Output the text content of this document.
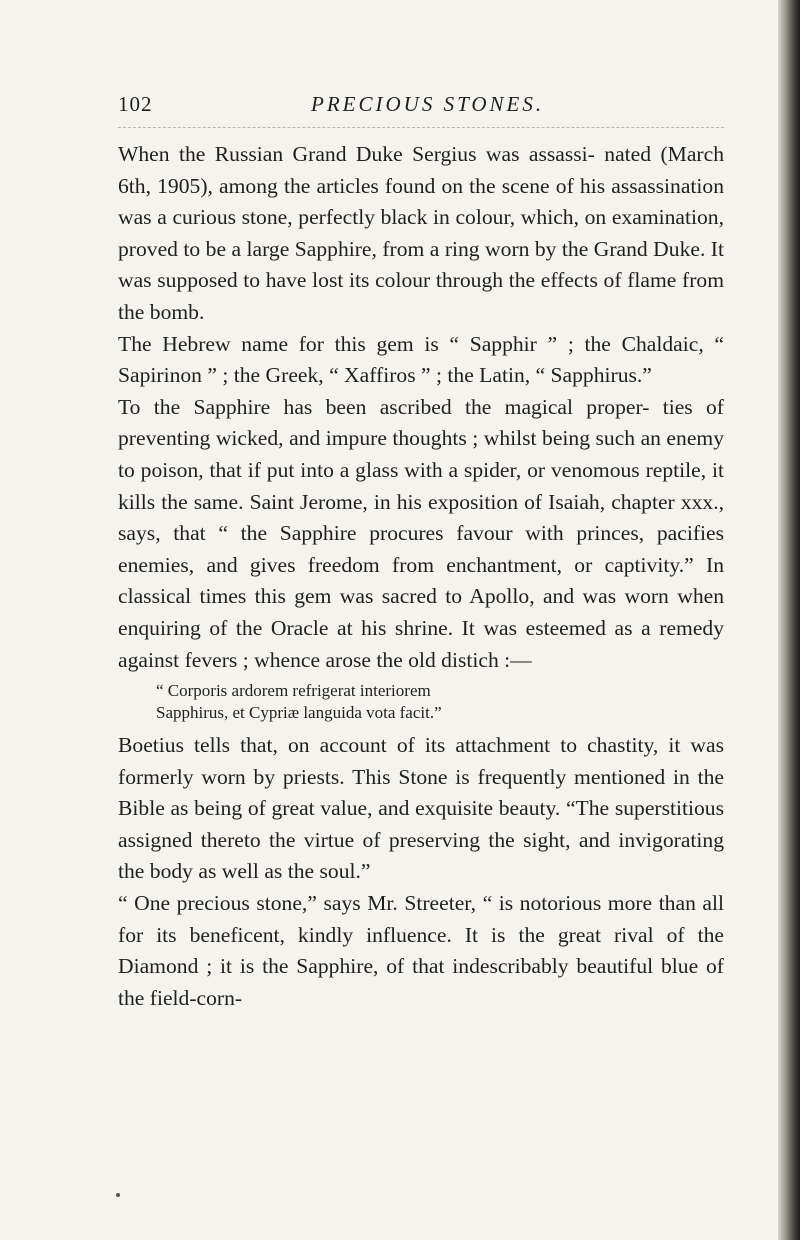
102	PRECIOUS STONES.

When the Russian Grand Duke Sergius was assassi- nated (March 6th, 1905), among the articles found on the scene of his assassination was a curious stone, perfectly black in colour, which, on examination, proved to be a large Sapphire, from a ring worn by the Grand Duke. It was supposed to have lost its colour through the effects of flame from the bomb.

The Hebrew name for this gem is “ Sapphir ” ; the Chaldaic, “ Sapirinon ” ; the Greek, “ Xaffiros ” ; the Latin, “ Sapphirus.”

To the Sapphire has been ascribed the magical proper- ties of preventing wicked, and impure thoughts ; whilst being such an enemy to poison, that if put into a glass with a spider, or venomous reptile, it kills the same. Saint Jerome, in his exposition of Isaiah, chapter xxx., says, that “ the Sapphire procures favour with princes, pacifies enemies, and gives freedom from enchantment, or captivity.” In classical times this gem was sacred to Apollo, and was worn when enquiring of the Oracle at his shrine. It was esteemed as a remedy against fevers ; whence arose the old distich :—

“ Corporis ardorem refrigerat interiorem
Sapphirus, et Cypriæ languida vota facit.”

Boetius tells that, on account of its attachment to chastity, it was formerly worn by priests. This Stone is frequently mentioned in the Bible as being of great value, and exquisite beauty. “The superstitious assigned thereto the virtue of preserving the sight, and invigorating the body as well as the soul.”

“ One precious stone,” says Mr. Streeter, “ is notorious more than all for its beneficent, kindly influence. It is the great rival of the Diamond ; it is the Sapphire, of that indescribably beautiful blue of the field-corn-
